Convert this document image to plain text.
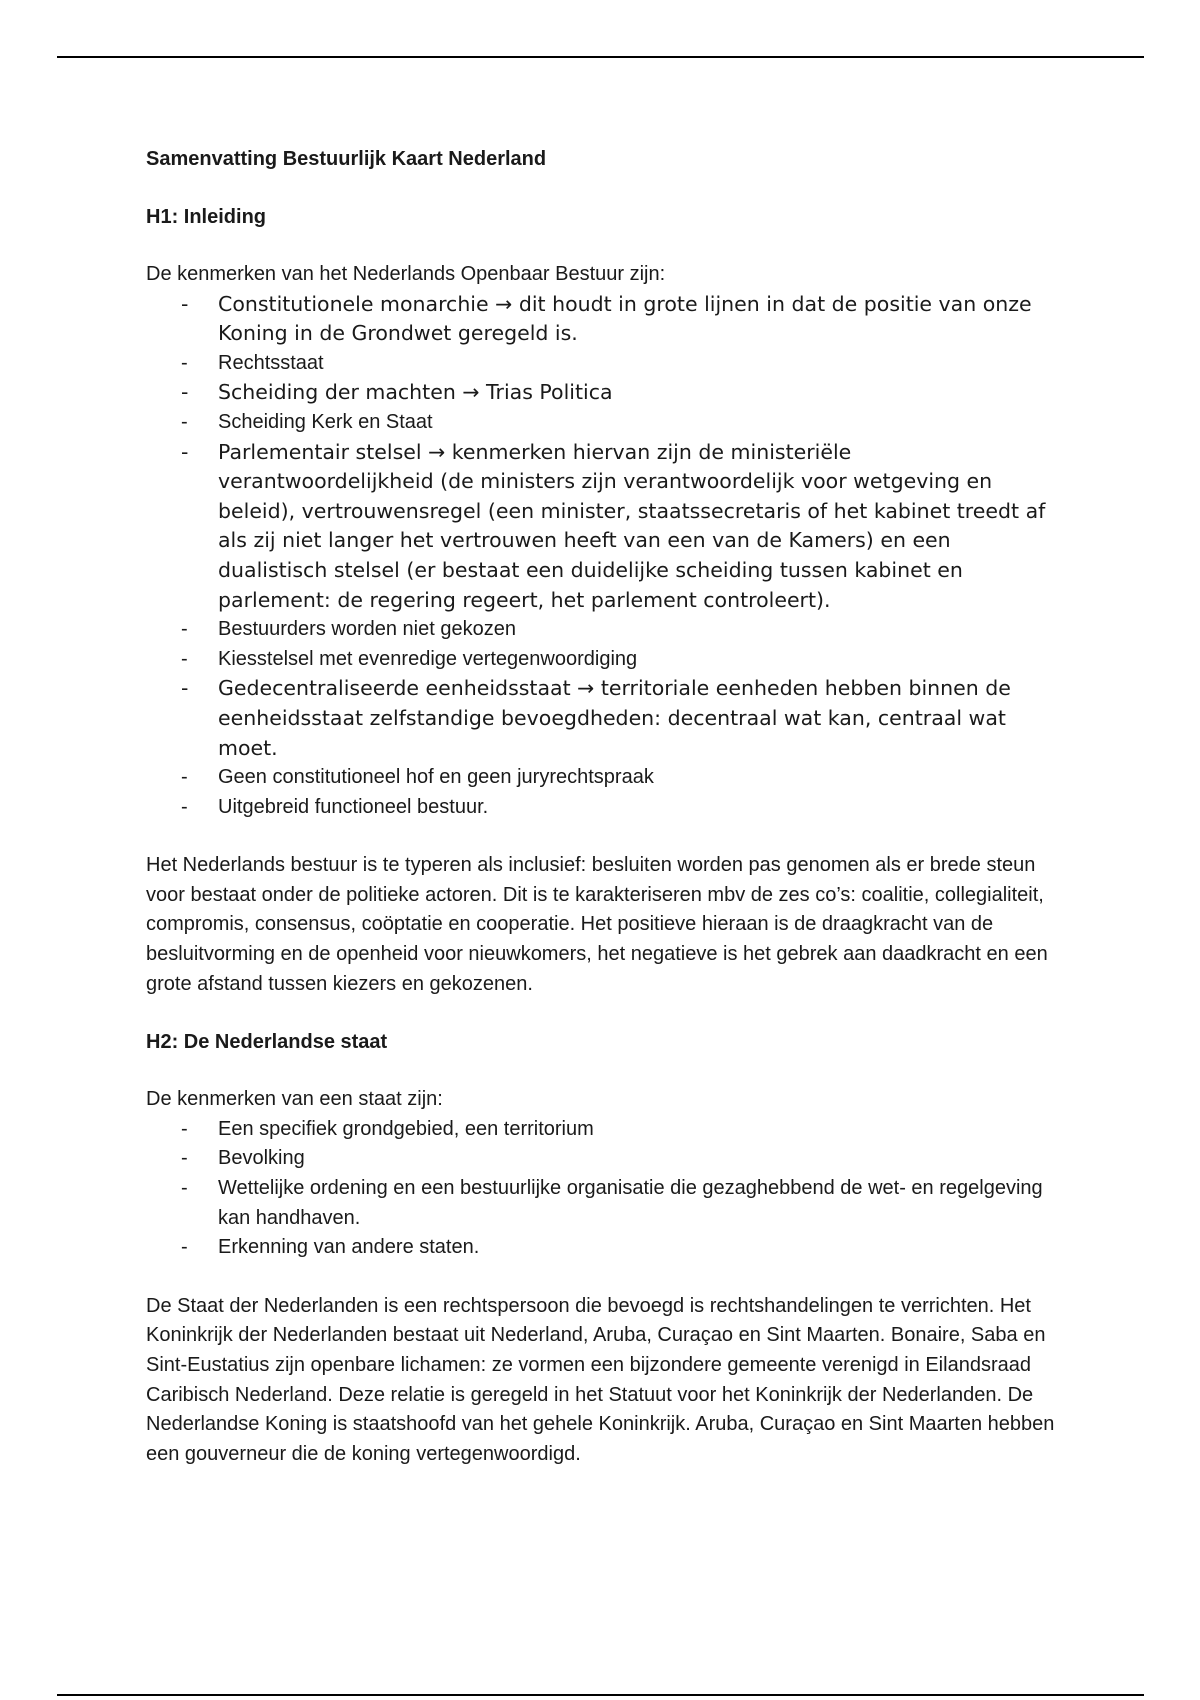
Samenvatting Bestuurlijk Kaart Nederland
H1: Inleiding

De kenmerken van het Nederlands Openbaar Bestuur zijn:

- Constitutionele monarchie → dit houdt in grote lijnen in dat de positie van onze Koning in de Grondwet geregeld is.
- Rechtsstaat
- Scheiding der machten → Trias Politica
- Scheiding Kerk en Staat
- Parlementair stelsel → kenmerken hiervan zijn de ministeriële verantwoordelijkheid (de ministers zijn verantwoordelijk voor wetgeving en beleid), vertrouwensregel (een minister, staatssecretaris of het kabinet treedt af als zij niet langer het vertrouwen heeft van een van de Kamers) en een dualistisch stelsel (er bestaat een duidelijke scheiding tussen kabinet en parlement: de regering regeert, het parlement controleert).
- Bestuurders worden niet gekozen
- Kiesstelsel met evenredige vertegenwoordiging
- Gedecentraliseerde eenheidsstaat → territoriale eenheden hebben binnen de eenheidsstaat zelfstandige bevoegdheden: decentraal wat kan, centraal wat moet.
- Geen constitutioneel hof en geen juryrechtspraak
- Uitgebreid functioneel bestuur.

Het Nederlands bestuur is te typeren als inclusief: besluiten worden pas genomen als er brede steun voor bestaat onder de politieke actoren. Dit is te karakteriseren mbv de zes co’s: coalitie, collegialiteit, compromis, consensus, coöptatie en cooperatie. Het positieve hieraan is de draagkracht van de besluitvorming en de openheid voor nieuwkomers, het negatieve is het gebrek aan daadkracht en een grote afstand tussen kiezers en gekozenen.

H2: De Nederlandse staat

De kenmerken van een staat zijn:

- Een specifiek grondgebied, een territorium
- Bevolking
- Wettelijke ordening en een bestuurlijke organisatie die gezaghebbend de wet- en regelgeving kan handhaven.
- Erkenning van andere staten.

De Staat der Nederlanden is een rechtspersoon die bevoegd is rechtshandelingen te verrichten. Het Koninkrijk der Nederlanden bestaat uit Nederland, Aruba, Curaçao en Sint Maarten. Bonaire, Saba en Sint-Eustatius zijn openbare lichamen: ze vormen een bijzondere gemeente verenigd in Eilandsraad Caribisch Nederland. Deze relatie is geregeld in het Statuut voor het Koninkrijk der Nederlanden. De Nederlandse Koning is staatshoofd van het gehele Koninkrijk. Aruba, Curaçao en Sint Maarten hebben een gouverneur die de koning vertegenwoordigd.
